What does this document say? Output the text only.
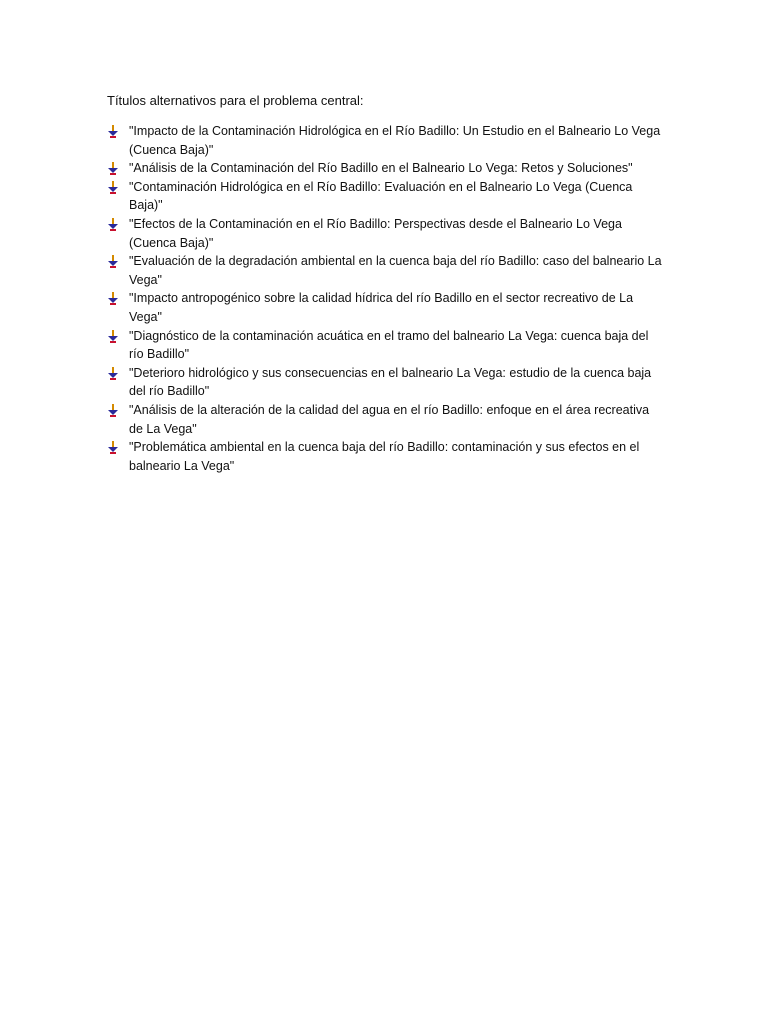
Títulos alternativos para el problema central:

"Impacto de la Contaminación Hidrológica en el Río Badillo: Un Estudio en el Balneario Lo Vega (Cuenca Baja)"
"Análisis de la Contaminación del Río Badillo en el Balneario Lo Vega: Retos y Soluciones"
"Contaminación Hidrológica en el Río Badillo: Evaluación en el Balneario Lo Vega (Cuenca Baja)"
"Efectos de la Contaminación en el Río Badillo: Perspectivas desde el Balneario Lo Vega (Cuenca Baja)"
"Evaluación de la degradación ambiental en la cuenca baja del río Badillo: caso del balneario La Vega"
"Impacto antropogénico sobre la calidad hídrica del río Badillo en el sector recreativo de La Vega"
"Diagnóstico de la contaminación acuática en el tramo del balneario La Vega: cuenca baja del río Badillo"
"Deterioro hidrológico y sus consecuencias en el balneario La Vega: estudio de la cuenca baja del río Badillo"
"Análisis de la alteración de la calidad del agua en el río Badillo: enfoque en el área recreativa de La Vega"
"Problemática ambiental en la cuenca baja del río Badillo: contaminación y sus efectos en el balneario La Vega"
